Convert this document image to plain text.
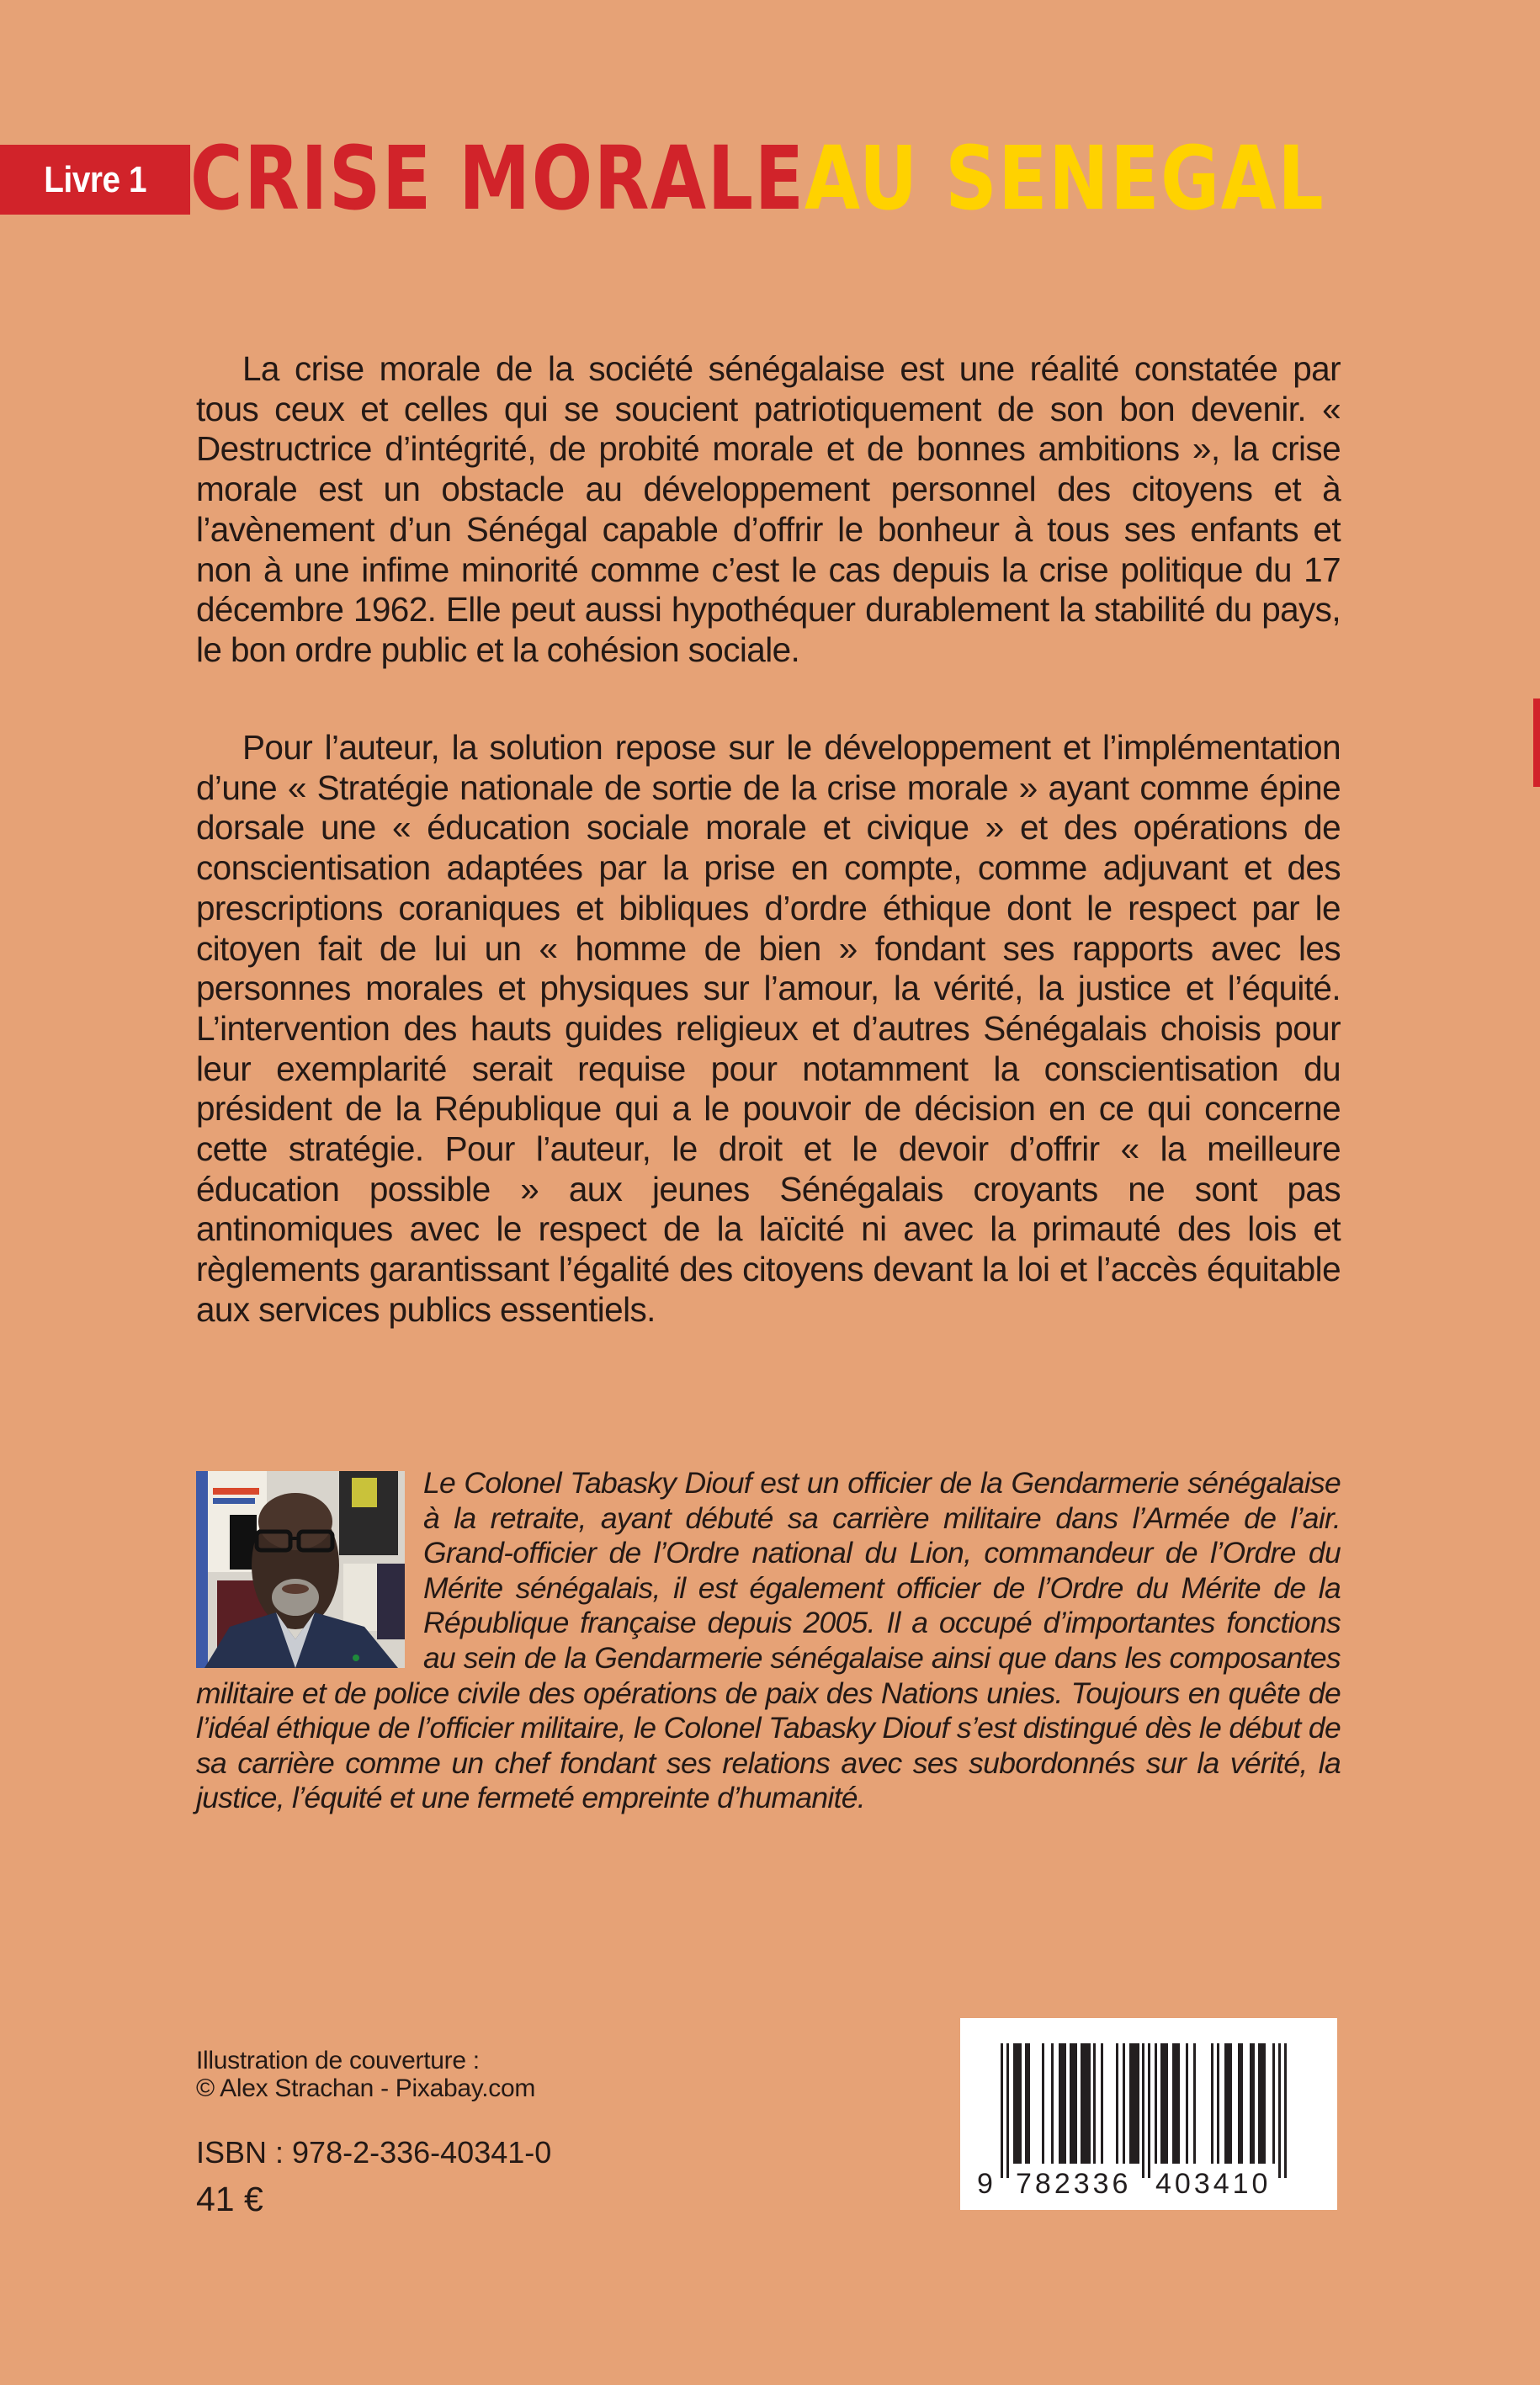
Livre 1 CRISE MORALE AU SENEGAL

La crise morale de la société sénégalaise est une réalité constatée par tous ceux et celles qui se soucient patriotiquement de son bon devenir. « Destructrice d’intégrité, de probité morale et de bonnes ambitions », la crise morale est un obstacle au développement personnel des citoyens et à l’avènement d’un Sénégal capable d’offrir le bonheur à tous ses enfants et non à une infime minorité comme c’est le cas depuis la crise politique du 17 décembre 1962. Elle peut aussi hypothéquer durablement la stabilité du pays, le bon ordre public et la cohésion sociale.

Pour l’auteur, la solution repose sur le développement et l’implémentation d’une « Stratégie nationale de sortie de la crise morale » ayant comme épine dorsale une « éducation sociale morale et civique » et des opérations de conscientisation adaptées par la prise en compte, comme adjuvant et des prescriptions coraniques et bibliques d’ordre éthique dont le respect par le citoyen fait de lui un « homme de bien » fondant ses rapports avec les personnes morales et physiques sur l’amour, la vérité, la justice et l’équité. L’intervention des hauts guides religieux et d’autres Sénégalais choisis pour leur exemplarité serait requise pour notamment la conscientisation du président de la République qui a le pouvoir de décision en ce qui concerne cette stratégie. Pour l’auteur, le droit et le devoir d’offrir « la meilleure éducation possible » aux jeunes Sénégalais croyants ne sont pas antinomiques avec le respect de la laïcité ni avec la primauté des lois et règlements garantissant l’égalité des citoyens devant la loi et l’accès équitable aux services publics essentiels.

Le Colonel Tabasky Diouf est un officier de la Gendarmerie sénégalaise à la retraite, ayant débuté sa carrière militaire dans l’Armée de l’air. Grand-officier de l’Ordre national du Lion, commandeur de l’Ordre du Mérite sénégalais, il est également officier de l’Ordre du Mérite de la République française depuis 2005. Il a occupé d’importantes fonctions au sein de la Gendarmerie sénégalaise ainsi que dans les composantes militaire et de police civile des opérations de paix des Nations unies. Toujours en quête de l’idéal éthique de l’officier militaire, le Colonel Tabasky Diouf s’est distingué dès le début de sa carrière comme un chef fondant ses relations avec ses subordonnés sur la vérité, la justice, l’équité et une fermeté empreinte d’humanité.
Illustration de couverture :
© Alex Strachan - Pixabay.com
ISBN : 978-2-336-40341-0
41 €	9 782336 403410
